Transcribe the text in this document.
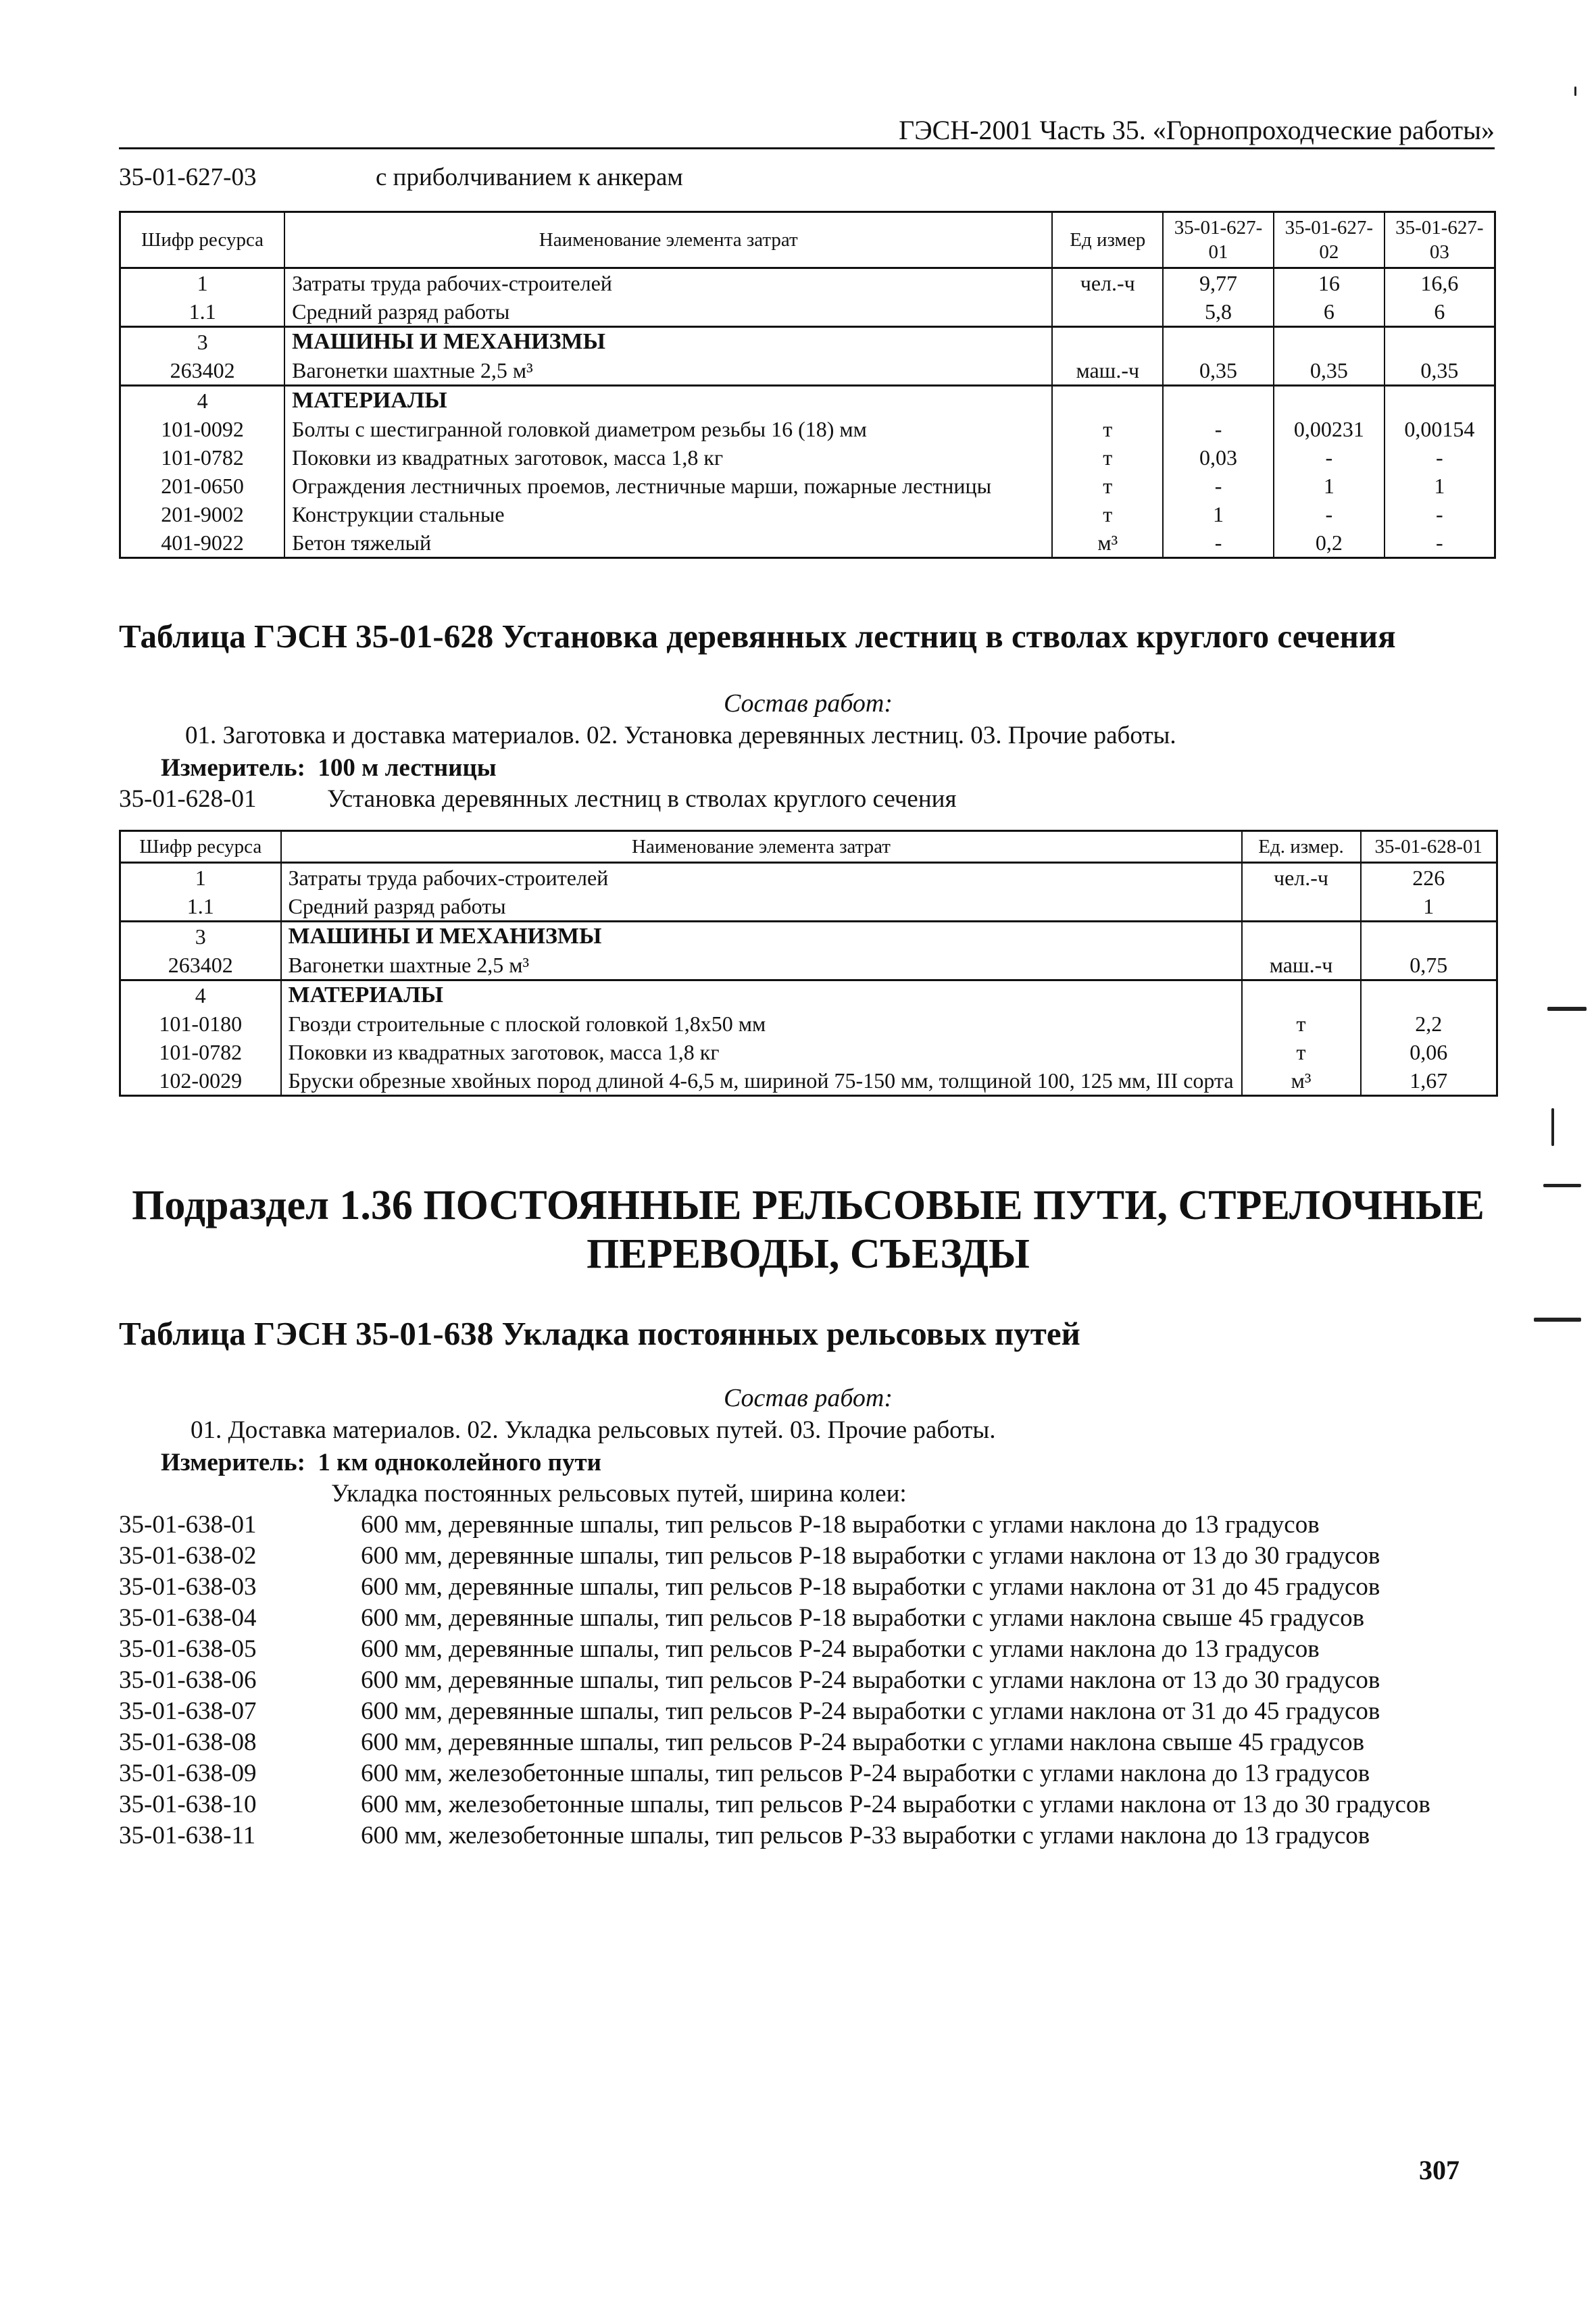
ГЭСН-2001 Часть 35. «Горнопроходческие работы»
35-01-627-03	с приболчиванием к анкерам
Шифр ресурса	Наименование элемента затрат	Ед измер	35-01-627-01	35-01-627-02	35-01-627-03
1	Затраты труда рабочих-строителей	чел.-ч	9,77	16	16,6
1.1	Средний разряд работы		5,8	6	6
3	МАШИНЫ И МЕХАНИЗМЫ				
263402	Вагонетки шахтные 2,5 м³	маш.-ч	0,35	0,35	0,35
4	МАТЕРИАЛЫ				
101-0092	Болты с шестигранной головкой диаметром резьбы 16 (18) мм	т	-	0,00231	0,00154
101-0782	Поковки из квадратных заготовок, масса 1,8 кг	т	0,03	-	-
201-0650	Ограждения лестничных проемов, лестничные марши, пожарные лестницы	т	-	1	1
201-9002	Конструкции стальные	т	1	-	-
401-9022	Бетон тяжелый	м³	-	0,2	-
Таблица ГЭСН 35-01-628 Установка деревянных лестниц в стволах круглого сечения
Состав работ:
01. Заготовка и доставка материалов. 02. Установка деревянных лестниц. 03. Прочие работы.
Измеритель: 100 м лестницы
35-01-628-01	Установка деревянных лестниц в стволах круглого сечения
Шифр ресурса	Наименование элемента затрат	Ед. измер.	35-01-628-01
1	Затраты труда рабочих-строителей	чел.-ч	226
1.1	Средний разряд работы		1
3	МАШИНЫ И МЕХАНИЗМЫ		
263402	Вагонетки шахтные 2,5 м³	маш.-ч	0,75
4	МАТЕРИАЛЫ		
101-0180	Гвозди строительные с плоской головкой 1,8х50 мм	т	2,2
101-0782	Поковки из квадратных заготовок, масса 1,8 кг	т	0,06
102-0029	Бруски обрезные хвойных пород длиной 4-6,5 м, шириной 75-150 мм, толщиной 100, 125 мм, III сорта	м³	1,67
Подраздел 1.36 ПОСТОЯННЫЕ РЕЛЬСОВЫЕ ПУТИ, СТРЕЛОЧНЫЕ ПЕРЕВОДЫ, СЪЕЗДЫ
Таблица ГЭСН 35-01-638 Укладка постоянных рельсовых путей
Состав работ:
01. Доставка материалов. 02. Укладка рельсовых путей. 03. Прочие работы.
Измеритель: 1 км одноколейного пути
Укладка постоянных рельсовых путей, ширина колеи:
35-01-638-01	600 мм, деревянные шпалы, тип рельсов Р-18 выработки с углами наклона до 13 градусов
35-01-638-02	600 мм, деревянные шпалы, тип рельсов Р-18 выработки с углами наклона от 13 до 30 градусов
35-01-638-03	600 мм, деревянные шпалы, тип рельсов Р-18 выработки с углами наклона от 31 до 45 градусов
35-01-638-04	600 мм, деревянные шпалы, тип рельсов Р-18 выработки с углами наклона свыше 45 градусов
35-01-638-05	600 мм, деревянные шпалы, тип рельсов Р-24 выработки с углами наклона до 13 градусов
35-01-638-06	600 мм, деревянные шпалы, тип рельсов Р-24 выработки с углами наклона от 13 до 30 градусов
35-01-638-07	600 мм, деревянные шпалы, тип рельсов Р-24 выработки с углами наклона от 31 до 45 градусов
35-01-638-08	600 мм, деревянные шпалы, тип рельсов Р-24 выработки с углами наклона свыше 45 градусов
35-01-638-09	600 мм, железобетонные шпалы, тип рельсов Р-24 выработки с углами наклона до 13 градусов
35-01-638-10	600 мм, железобетонные шпалы, тип рельсов Р-24 выработки с углами наклона от 13 до 30 градусов
35-01-638-11	600 мм, железобетонные шпалы, тип рельсов Р-33 выработки с углами наклона до 13 градусов
307
